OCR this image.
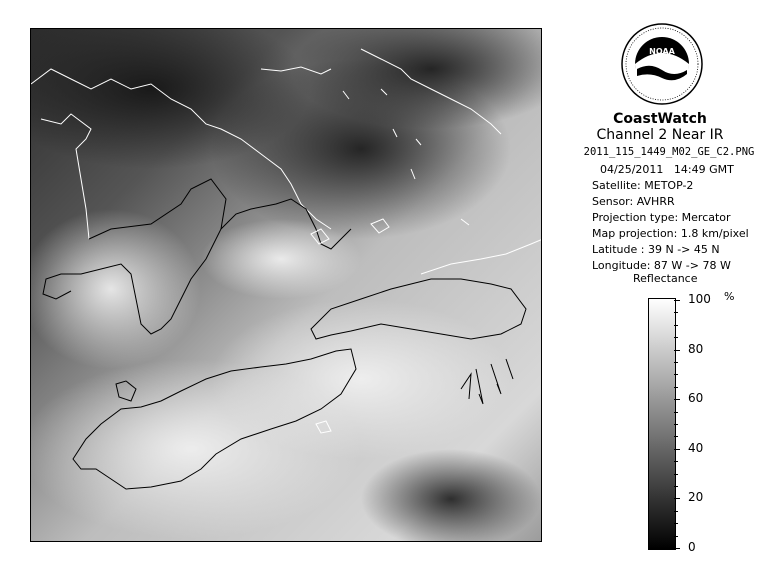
NOAA
CoastWatch
Channel 2 Near IR
2011_115_1449_M02_GE_C2.PNG
04/25/2011 14:49 GMT
Satellite: METOP-2
Sensor: AVHRR
Projection type: Mercator
Map projection: 1.8 km/pixel
Latitude : 39 N -> 45 N
Longitude: 87 W -> 78 W
Reflectance
%
100
80
60
40
20
0
